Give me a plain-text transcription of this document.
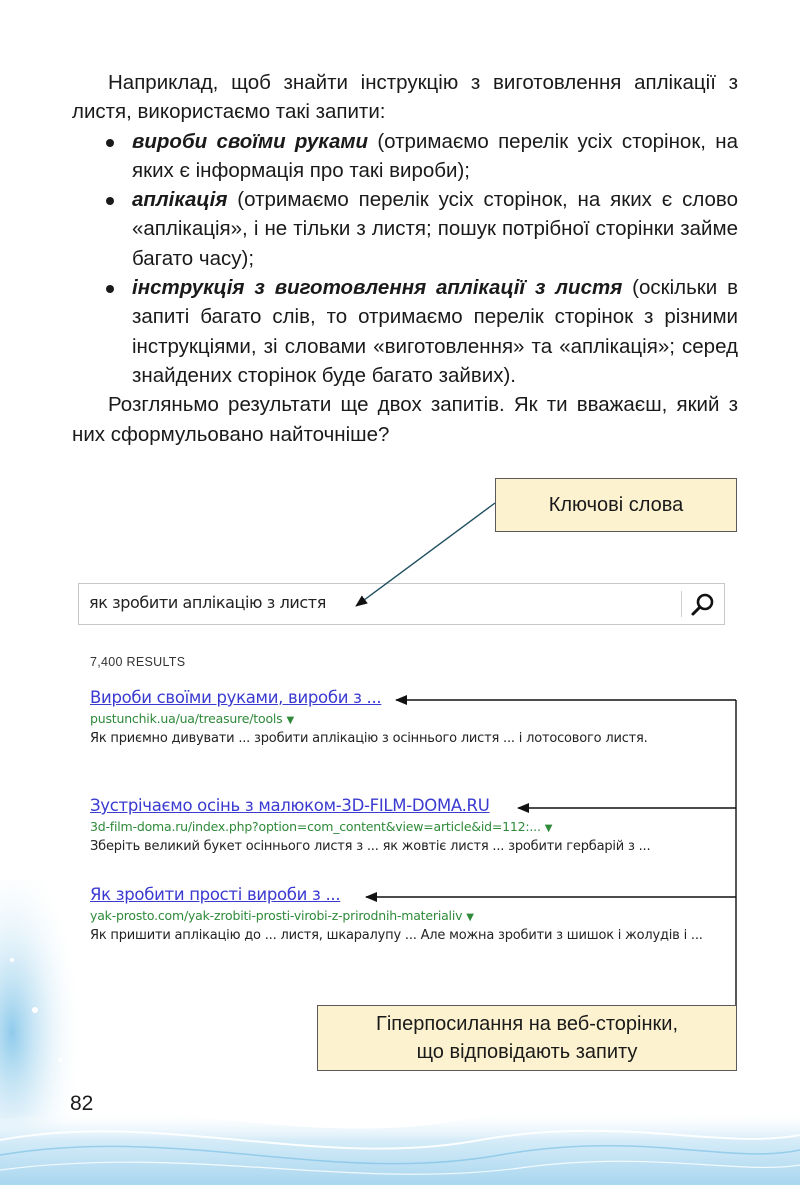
Наприклад, щоб знайти інструкцію з виготовлення аплікації з листя, використаємо такі запити:

вироби своїми руками (отримаємо перелік усіх сторінок, на яких є інформація про такі вироби);
аплікація (отримаємо перелік усіх сторінок, на яких є слово «аплікація», і не тільки з листя; пошук потрібної сторінки займе багато часу);
інструкція з виготовлення аплікації з листя (оскільки в запиті багато слів, то отримаємо перелік сторінок з різними інструкціями, зі словами «виготовлення» та «аплікація»; серед знайдених сторінок буде багато зайвих).

Розгляньмо результати ще двох запитів. Як ти вважаєш, який з них сформульовано найточніше?

Ключові слова
як зробити аплікацію з листя
7,400 RESULTS
Вироби своїми руками, вироби з ...
pustunchik.ua/ua/treasure/tools ▼
Як приємно дивувати ... зробити аплікацію з осіннього листя ... і лотосового листя.
Зустрічаємо осінь з малюком-3D-FILM-DOMA.RU
3d-film-doma.ru/index.php?option=com_content&view=article&id=112:... ▼
Зберіть великий букет осіннього листя з ... як жовтіє листя ... зробити гербарій з ...
Як зробити прості вироби з ...
yak-prosto.com/yak-zrobiti-prosti-virobi-z-prirodnih-materialiv ▼
Як пришити аплікацію до ... листя, шкаралупу ... Але можна зробити з шишок і жолудів і ...
Гіперпосилання на веб-сторінки, що відповідають запиту
82
